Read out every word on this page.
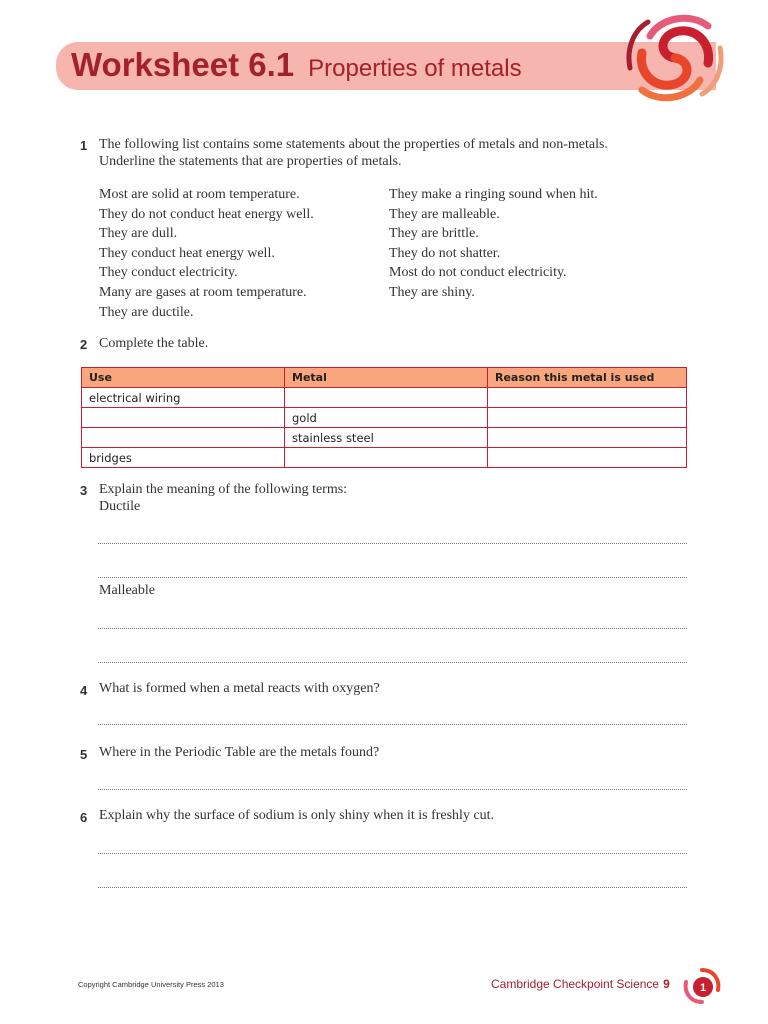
Worksheet 6.1 Properties of metals
1 The following list contains some statements about the properties of metals and non-metals.
Underline the statements that are properties of metals.
Most are solid at room temperature.
They do not conduct heat energy well.
They are dull.
They conduct heat energy well.
They conduct electricity.
Many are gases at room temperature.
They are ductile.
They make a ringing sound when hit.
They are malleable.
They are brittle.
They do not shatter.
Most do not conduct electricity.
They are shiny.
2 Complete the table.
Use	Metal	Reason this metal is used
electrical wiring		
	gold	
	stainless steel	
bridges		
3 Explain the meaning of the following terms:
Ductile
Malleable
4 What is formed when a metal reacts with oxygen?
5 Where in the Periodic Table are the metals found?
6 Explain why the surface of sodium is only shiny when it is freshly cut.
Copyright Cambridge University Press 2013	Cambridge Checkpoint Science 9	1
